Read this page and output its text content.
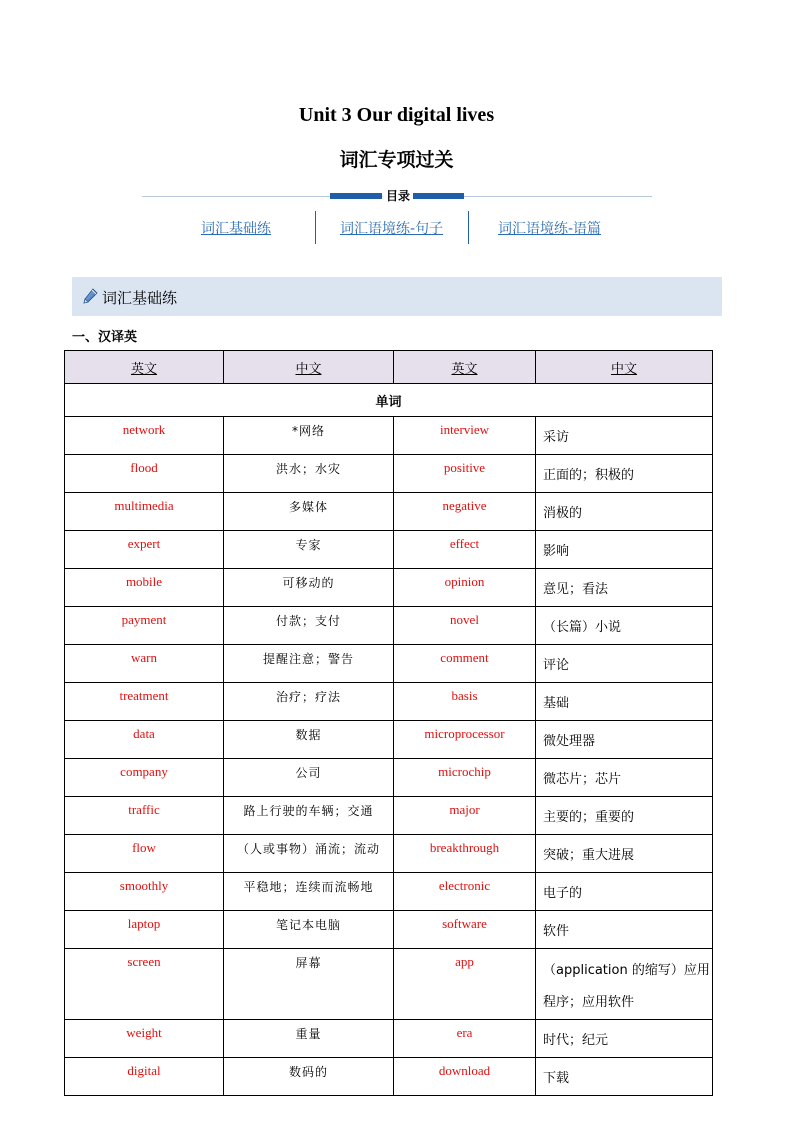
Unit 3 Our digital lives
词汇专项过关
目录
词汇基础练	词汇语境练-句子	词汇语境练-语篇
词汇基础练
一、汉译英
英文	中文	英文	中文
单词			
network	*网络	interview	采访
flood	洪水；水灾	positive	正面的；积极的
multimedia	多媒体	negative	消极的
expert	专家	effect	影响
mobile	可移动的	opinion	意见；看法
payment	付款；支付	novel	（长篇）小说
warn	提醒注意；警告	comment	评论
treatment	治疗；疗法	basis	基础
data	数据	microprocessor	微处理器
company	公司	microchip	微芯片；芯片
traffic	路上行驶的车辆；交通	major	主要的；重要的
flow	（人或事物）涌流；流动	breakthrough	突破；重大进展
smoothly	平稳地；连续而流畅地	electronic	电子的
laptop	笔记本电脑	software	软件
screen	屏幕	app	（application 的缩写）应用程序；应用软件
weight	重量	era	时代；纪元
digital	数码的	download	下载
